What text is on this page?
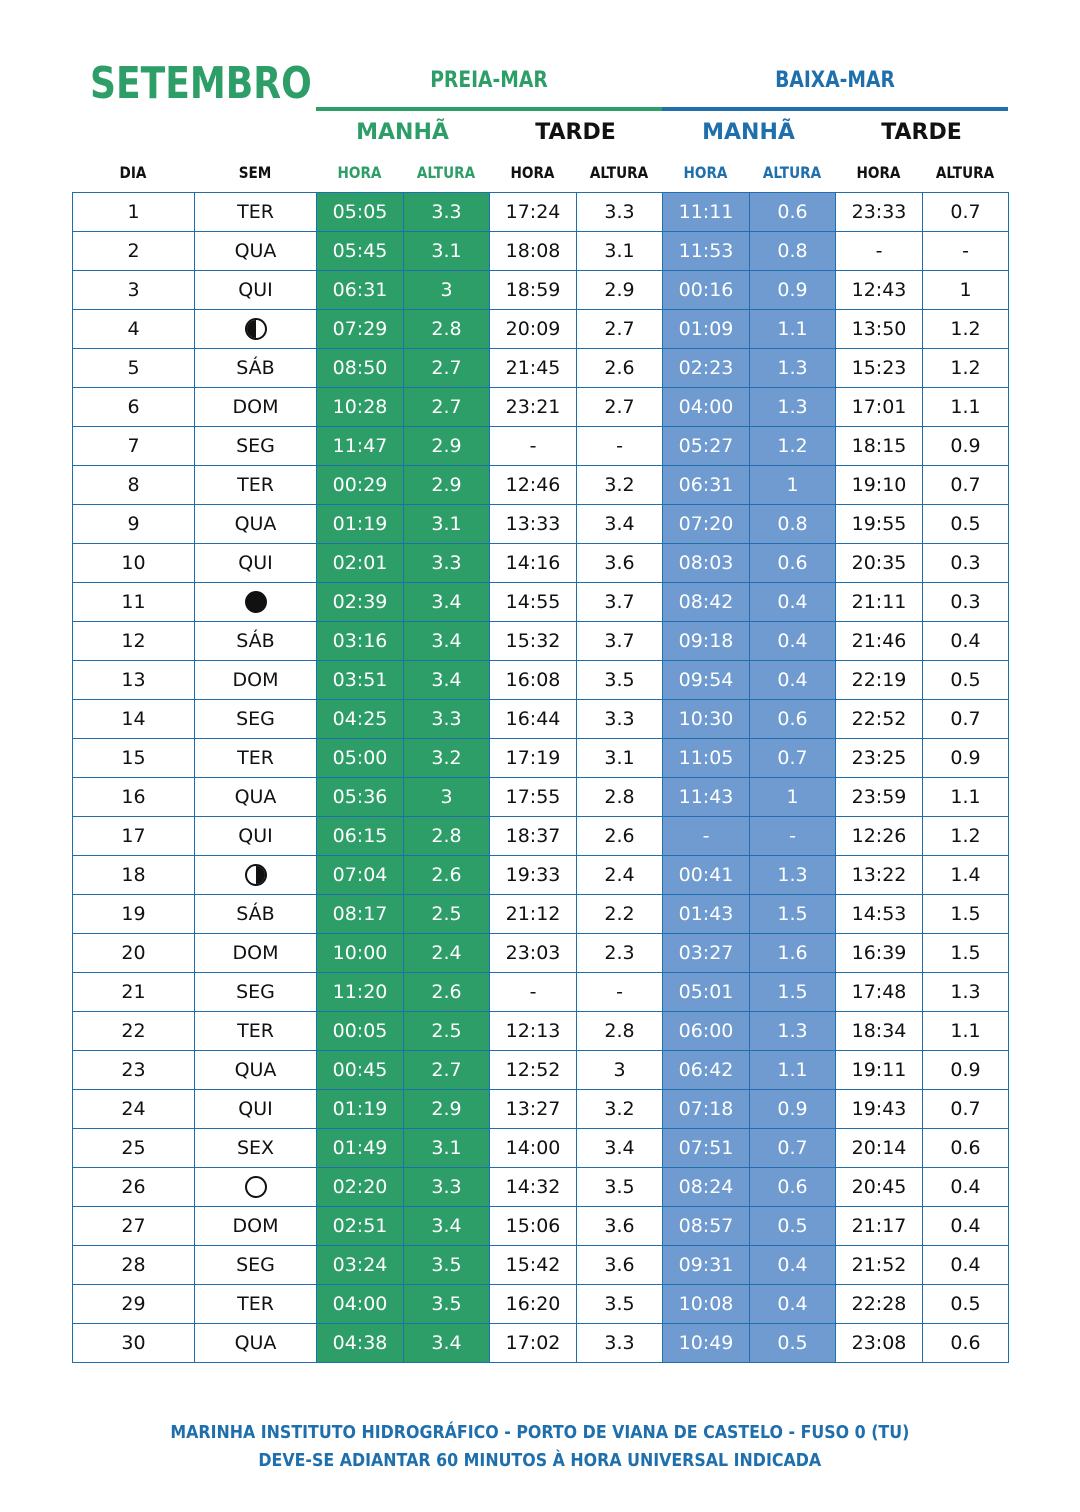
SETEMBRO	PREIA-MAR	BAIXA-MAR
MANHÃ	TARDE	MANHÃ	TARDE
DIA	SEM	HORA	ALTURA	HORA	ALTURA	HORA	ALTURA	HORA	ALTURA
1	TER	05:05	3.3	17:24	3.3	11:11	0.6	23:33	0.7
2	QUA	05:45	3.1	18:08	3.1	11:53	0.8	-	-
3	QUI	06:31	3	18:59	2.9	00:16	0.9	12:43	1
4		07:29	2.8	20:09	2.7	01:09	1.1	13:50	1.2
5	SÁB	08:50	2.7	21:45	2.6	02:23	1.3	15:23	1.2
6	DOM	10:28	2.7	23:21	2.7	04:00	1.3	17:01	1.1
7	SEG	11:47	2.9	-	-	05:27	1.2	18:15	0.9
8	TER	00:29	2.9	12:46	3.2	06:31	1	19:10	0.7
9	QUA	01:19	3.1	13:33	3.4	07:20	0.8	19:55	0.5
10	QUI	02:01	3.3	14:16	3.6	08:03	0.6	20:35	0.3
11		02:39	3.4	14:55	3.7	08:42	0.4	21:11	0.3
12	SÁB	03:16	3.4	15:32	3.7	09:18	0.4	21:46	0.4
13	DOM	03:51	3.4	16:08	3.5	09:54	0.4	22:19	0.5
14	SEG	04:25	3.3	16:44	3.3	10:30	0.6	22:52	0.7
15	TER	05:00	3.2	17:19	3.1	11:05	0.7	23:25	0.9
16	QUA	05:36	3	17:55	2.8	11:43	1	23:59	1.1
17	QUI	06:15	2.8	18:37	2.6	-	-	12:26	1.2
18		07:04	2.6	19:33	2.4	00:41	1.3	13:22	1.4
19	SÁB	08:17	2.5	21:12	2.2	01:43	1.5	14:53	1.5
20	DOM	10:00	2.4	23:03	2.3	03:27	1.6	16:39	1.5
21	SEG	11:20	2.6	-	-	05:01	1.5	17:48	1.3
22	TER	00:05	2.5	12:13	2.8	06:00	1.3	18:34	1.1
23	QUA	00:45	2.7	12:52	3	06:42	1.1	19:11	0.9
24	QUI	01:19	2.9	13:27	3.2	07:18	0.9	19:43	0.7
25	SEX	01:49	3.1	14:00	3.4	07:51	0.7	20:14	0.6
26		02:20	3.3	14:32	3.5	08:24	0.6	20:45	0.4
27	DOM	02:51	3.4	15:06	3.6	08:57	0.5	21:17	0.4
28	SEG	03:24	3.5	15:42	3.6	09:31	0.4	21:52	0.4
29	TER	04:00	3.5	16:20	3.5	10:08	0.4	22:28	0.5
30	QUA	04:38	3.4	17:02	3.3	10:49	0.5	23:08	0.6
MARINHA INSTITUTO HIDROGRÁFICO - PORTO DE VIANA DE CASTELO - FUSO 0 (TU)
DEVE-SE ADIANTAR 60 MINUTOS À HORA UNIVERSAL INDICADA
